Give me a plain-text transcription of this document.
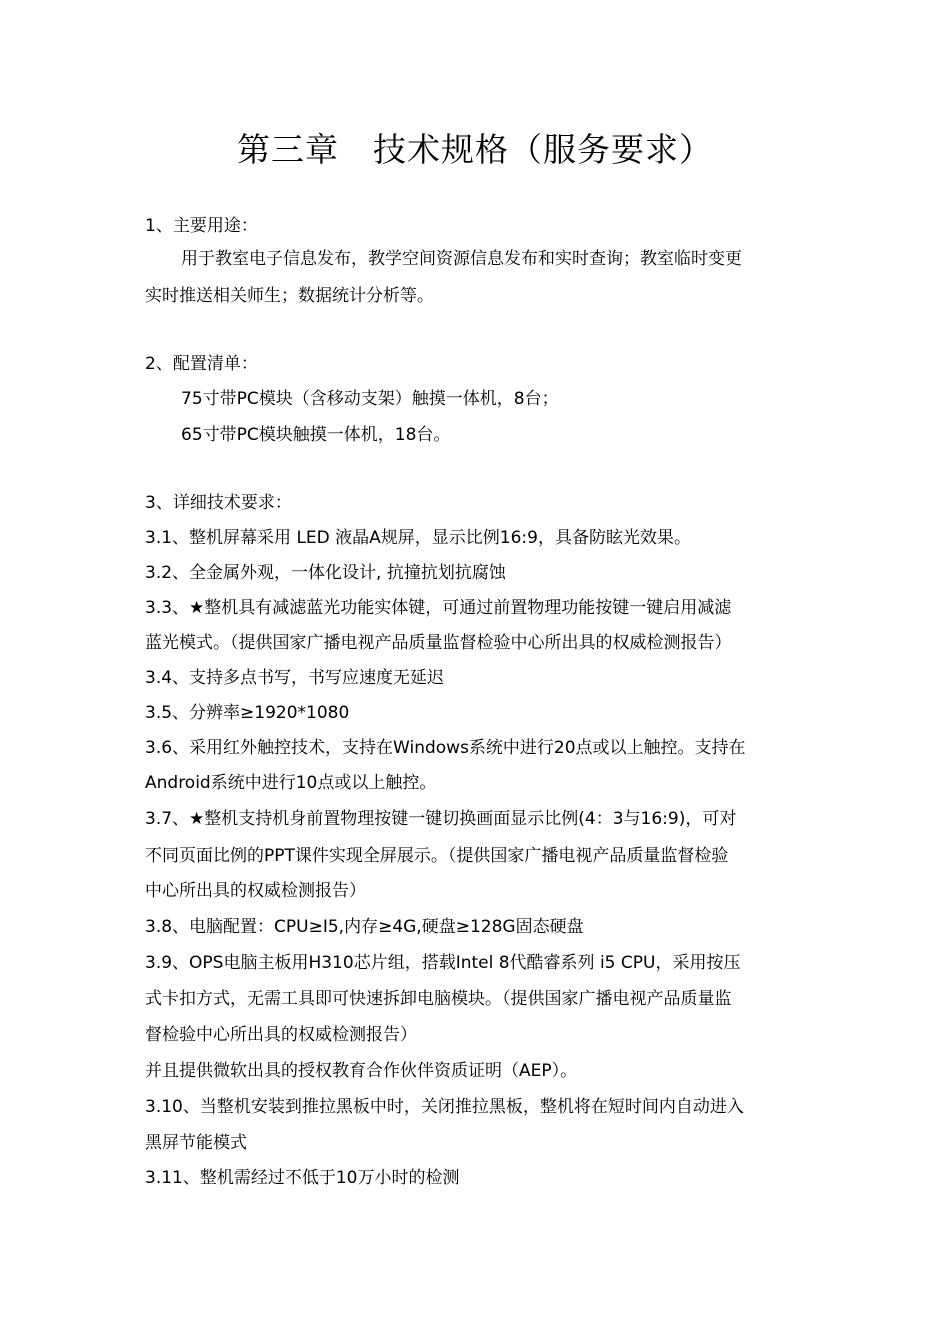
第三章　技术规格（服务要求）
1、主要用途：
用于教室电子信息发布，教学空间资源信息发布和实时查询；教室临时变更
实时推送相关师生；数据统计分析等。
2、配置清单：
75寸带PC模块（含移动支架）触摸一体机，8台；
65寸带PC模块触摸一体机，18台。
3、详细技术要求：
3.1、整机屏幕采用 LED 液晶A规屏，显示比例16:9，具备防眩光效果。
3.2、全金属外观，一体化设计, 抗撞抗划抗腐蚀
3.3、★整机具有减滤蓝光功能实体键，可通过前置物理功能按键一键启用减滤
蓝光模式。（提供国家广播电视产品质量监督检验中心所出具的权威检测报告）
3.4、支持多点书写，书写应速度无延迟
3.5、分辨率≥1920*1080
3.6、采用红外触控技术，支持在Windows系统中进行20点或以上触控。支持在
Android系统中进行10点或以上触控。
3.7、★整机支持机身前置物理按键一键切换画面显示比例(4：3与16:9)，可对
不同页面比例的PPT课件实现全屏展示。（提供国家广播电视产品质量监督检验
中心所出具的权威检测报告）
3.8、电脑配置：CPU≥I5,内存≥4G,硬盘≥128G固态硬盘
3.9、OPS电脑主板用H310芯片组，搭载Intel 8代酷睿系列 i5 CPU，采用按压
式卡扣方式，无需工具即可快速拆卸电脑模块。（提供国家广播电视产品质量监
督检验中心所出具的权威检测报告）
并且提供微软出具的授权教育合作伙伴资质证明（AEP）。
3.10、当整机安装到推拉黑板中时，关闭推拉黑板，整机将在短时间内自动进入
黑屏节能模式
3.11、整机需经过不低于10万小时的检测
